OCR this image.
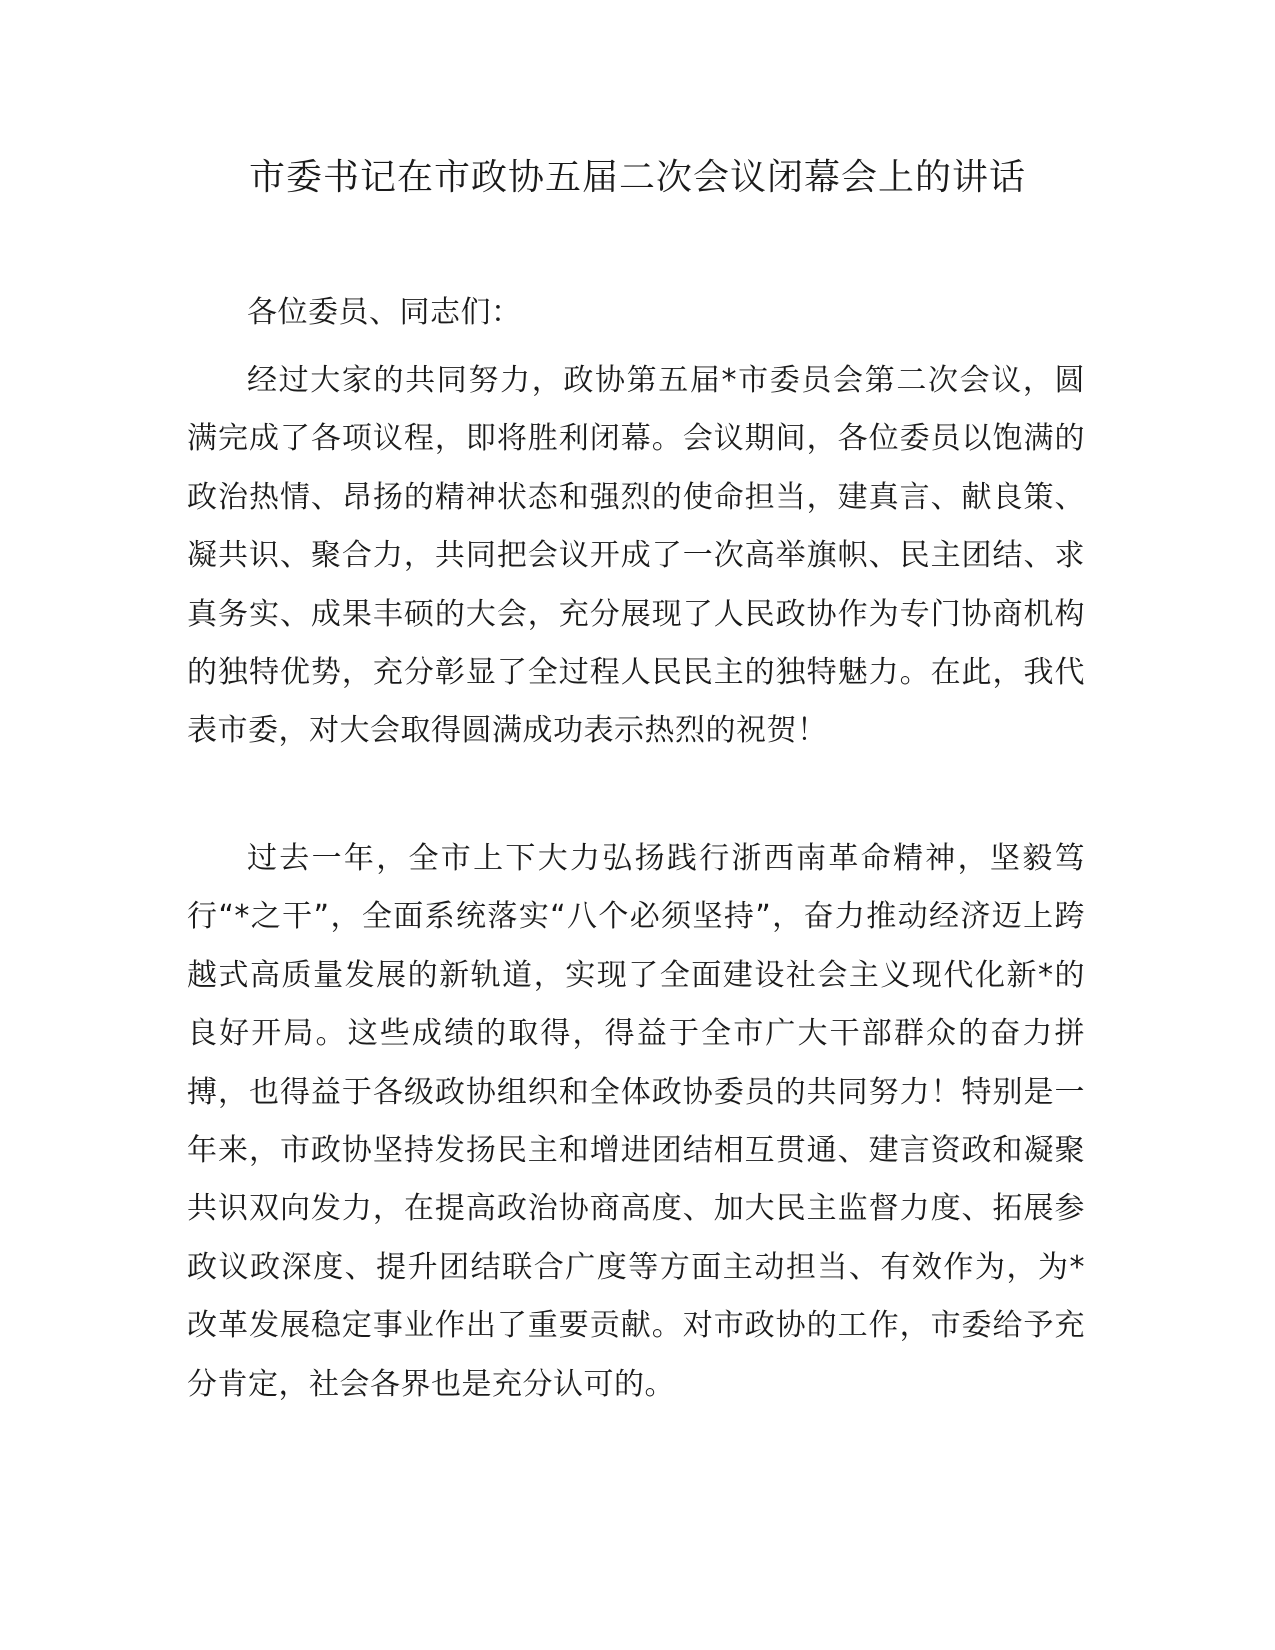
市委书记在市政协五届二次会议闭幕会上的讲话

各位委员、同志们：

经过大家的共同努力，政协第五届*市委员会第二次会议，圆满完成了各项议程，即将胜利闭幕。会议期间，各位委员以饱满的政治热情、昂扬的精神状态和强烈的使命担当，建真言、献良策、凝共识、聚合力，共同把会议开成了一次高举旗帜、民主团结、求真务实、成果丰硕的大会，充分展现了人民政协作为专门协商机构的独特优势，充分彰显了全过程人民民主的独特魅力。在此，我代表市委，对大会取得圆满成功表示热烈的祝贺！

过去一年，全市上下大力弘扬践行浙西南革命精神，坚毅笃行“*之干”，全面系统落实“八个必须坚持”，奋力推动经济迈上跨越式高质量发展的新轨道，实现了全面建设社会主义现代化新*的良好开局。这些成绩的取得，得益于全市广大干部群众的奋力拼搏，也得益于各级政协组织和全体政协委员的共同努力！特别是一年来，市政协坚持发扬民主和增进团结相互贯通、建言资政和凝聚共识双向发力，在提高政治协商高度、加大民主监督力度、拓展参政议政深度、提升团结联合广度等方面主动担当、有效作为，为*改革发展稳定事业作出了重要贡献。对市政协的工作，市委给予充分肯定，社会各界也是充分认可的。
